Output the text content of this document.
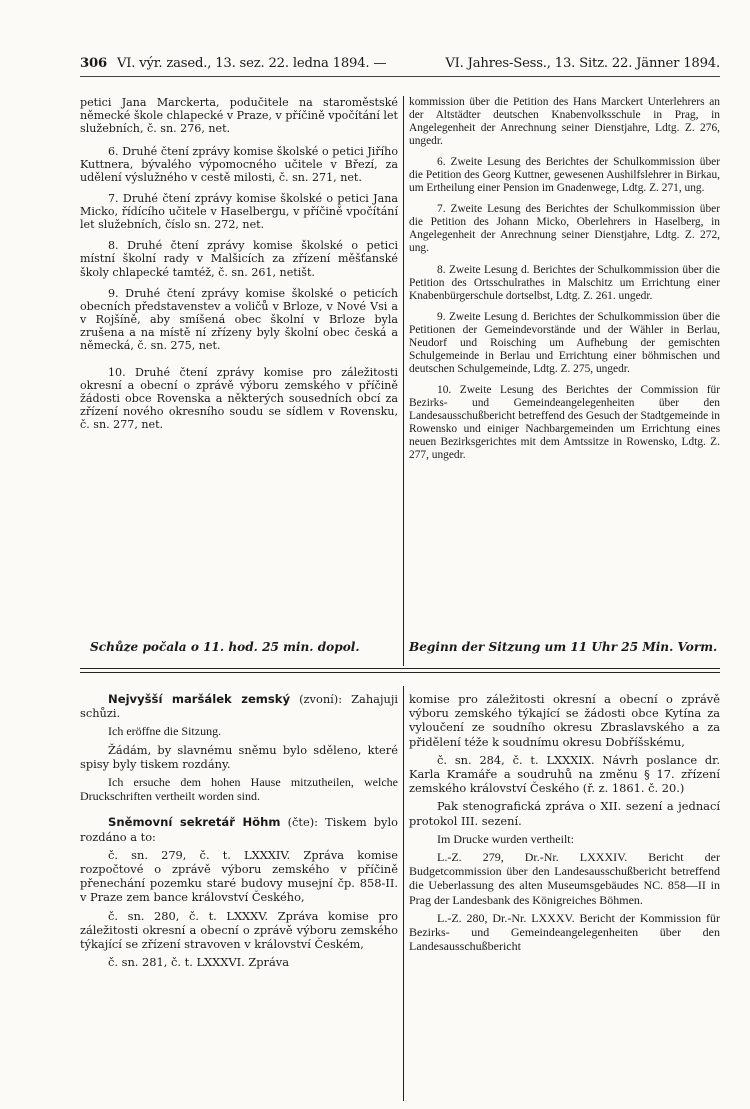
306 VI. výr. zased., 13. sez. 22. ledna 1894. —	VI. Jahres-Sess., 13. Sitz. 22. Jänner 1894.

petici Jana Marckerta, podučitele na staroměstské německé škole chlapecké v Praze, v příčině vpočítání let služebních, č. sn. 276, net.

6. Druhé čtení zprávy komise školské o petici Jiřího Kuttnera, bývalého výpomocného učitele v Březí, za udělení výslužného v cestě milosti, č. sn. 271, net.

7. Druhé čtení zprávy komise školské o petici Jana Micko, řídícího učitele v Haselbergu, v příčině vpočítání let služebních, číslo sn. 272, net.

8. Druhé čtení zprávy komise školské o petici místní školní rady v Malšicích za zřízení měšťanské školy chlapecké tamtéž, č. sn. 261, netišt.

9. Druhé čtení zprávy komise školské o peticích obecních představenstev a voličů v Brloze, v Nové Vsi a v Rojšíně, aby smíšená obec školní v Brloze byla zrušena a na místě ní zřízeny byly školní obec česká a německá, č. sn. 275, net.

10. Druhé čtení zprávy komise pro záležitosti okresní a obecní o zprávě výboru zemského v příčině žádosti obce Rovenska a některých sousedních obcí za zřízení nového okresního soudu se sídlem v Rovensku, č. sn. 277, net.

kommission über die Petition des Hans Marckert Unterlehrers an der Altstädter deutschen Knabenvolksschule in Prag, in Angelegenheit der Anrechnung seiner Dienstjahre, Ldtg. Z. 276, ungedr.

6. Zweite Lesung des Berichtes der Schulkommission über die Petition des Georg Kuttner, gewesenen Aushilfslehrer in Birkau, um Ertheilung einer Pension im Gnadenwege, Ldtg. Z. 271, ung.

7. Zweite Lesung des Berichtes der Schulkommission über die Petition des Johann Micko, Oberlehrers in Haselberg, in Angelegenheit der Anrechnung seiner Dienstjahre, Ldtg. Z. 272, ung.

8. Zweite Lesung d. Berichtes der Schulkommission über die Petition des Ortsschulrathes in Malschitz um Errichtung einer Knabenbürgerschule dortselbst, Ldtg. Z. 261. ungedr.

9. Zweite Lesung d. Berichtes der Schulkommission über die Petitionen der Gemeindevorstände und der Wähler in Berlau, Neudorf und Roisching um Aufhebung der gemischten Schulgemeinde in Berlau und Errichtung einer böhmischen und deutschen Schulgemeinde, Ldtg. Z. 275, ungedr.

10. Zweite Lesung des Berichtes der Commission für Bezirks- und Gemeindeangelegenheiten über den Landesausschußbericht betreffend des Gesuch der Stadtgemeinde in Rowensko und einiger Nachbargemeinden um Errichtung eines neuen Bezirksgerichtes mit dem Amtssitze in Rowensko, Ldtg. Z. 277, ungedr.

Schůze počala o 11. hod. 25 min. dopol.	Beginn der Sitzung um 11 Uhr 25 Min. Vorm.

Nejvyšší maršálek zemský (zvoní): Zahajuji schůzi.

Ich eröffne die Sitzung.

Žádám, by slavnému sněmu bylo sděleno, které spisy byly tiskem rozdány.

Ich ersuche dem hohen Hause mitzutheilen, welche Druckschriften vertheilt worden sind.

Sněmovní sekretář Höhm (čte): Tiskem bylo rozdáno a to:

č. sn. 279, č. t. LXXXIV. Zpráva komise rozpočtové o zprávě výboru zemského v příčině přenechání pozemku staré budovy musejní čp. 858-II. v Praze zem bance království Českého,

č. sn. 280, č. t. LXXXV. Zpráva komise pro záležitosti okresní a obecní o zprávě výboru zemského týkající se zřízení stravoven v království Českém,

č. sn. 281, č. t. LXXXVI. Zpráva

komise pro záležitosti okresní a obecní o zprávě výboru zemského týkající se žádosti obce Kytína za vyloučení ze soudního okresu Zbraslavského a za přidělení téže k soudnímu okresu Dobříšskému,

č. sn. 284, č. t. LXXXIX. Návrh poslance dr. Karla Kramáře a soudruhů na změnu § 17. zřízení zemského království Českého (ř. z. 1861. č. 20.)

Pak stenografická zpráva o XII. sezení a jednací protokol III. sezení.

Im Drucke wurden vertheilt:

L.-Z. 279, Dr.-Nr. LXXXIV. Bericht der Budgetcommission über den Landesausschußbericht betreffend die Ueberlassung des alten Museumsgebäudes NC. 858—II in Prag der Landesbank des Königreiches Böhmen.

L.-Z. 280, Dr.-Nr. LXXXV. Bericht der Kommission für Bezirks- und Gemeindeangelegenheiten über den Landesausschußbericht
